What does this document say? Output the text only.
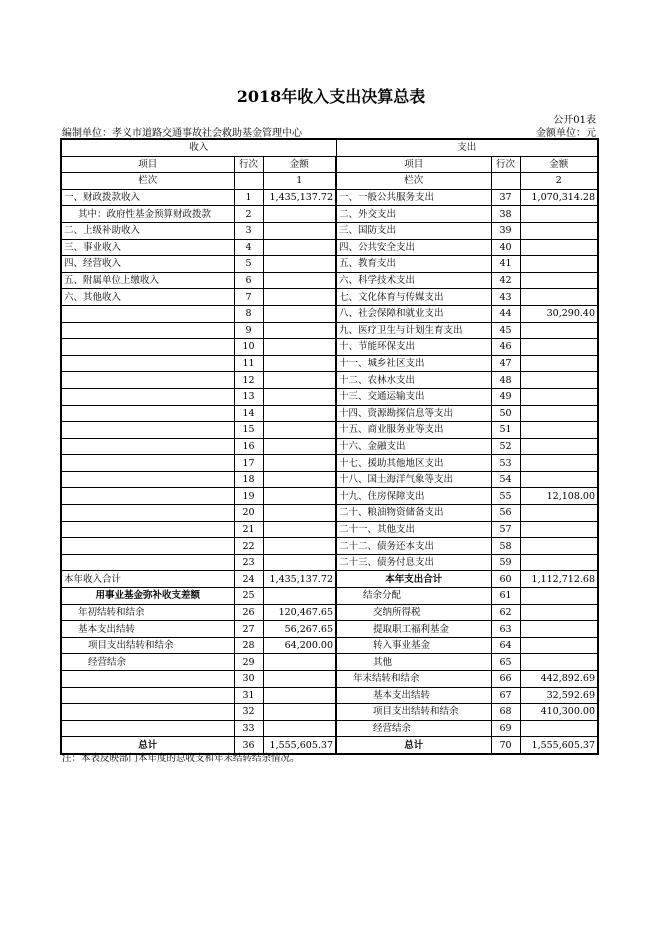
2018年收入支出决算总表
公开01表
编制单位：孝义市道路交通事故社会救助基金管理中心	金额单位：元
收入			支出		
项目	行次	金额	项目	行次	金额
栏次		1	栏次		2
一、财政拨款收入	1	1,435,137.72	一、一般公共服务支出	37	1,070,314.28
其中：政府性基金预算财政拨款	2		二、外交支出	38	
二、上级补助收入	3		三、国防支出	39	
三、事业收入	4		四、公共安全支出	40	
四、经营收入	5		五、教育支出	41	
五、附属单位上缴收入	6		六、科学技术支出	42	
六、其他收入	7		七、文化体育与传媒支出	43	
	8		八、社会保障和就业支出	44	30,290.40
	9		九、医疗卫生与计划生育支出	45	
	10		十、节能环保支出	46	
	11		十一、城乡社区支出	47	
	12		十二、农林水支出	48	
	13		十三、交通运输支出	49	
	14		十四、资源勘探信息等支出	50	
	15		十五、商业服务业等支出	51	
	16		十六、金融支出	52	
	17		十七、援助其他地区支出	53	
	18		十八、国土海洋气象等支出	54	
	19		十九、住房保障支出	55	12,108.00
	20		二十、粮油物资储备支出	56	
	21		二十一、其他支出	57	
	22		二十二、债务还本支出	58	
	23		二十三、债务付息支出	59	
本年收入合计	24	1,435,137.72	本年支出合计	60	1,112,712.68
用事业基金弥补收支差额	25		结余分配	61	
年初结转和结余	26	120,467.65	交纳所得税	62	
基本支出结转	27	56,267.65	提取职工福利基金	63	
项目支出结转和结余	28	64,200.00	转入事业基金	64	
经营结余	29		其他	65	
	30		年末结转和结余	66	442,892.69
	31		基本支出结转	67	32,592.69
	32		项目支出结转和结余	68	410,300.00
	33		经营结余	69	
总计	36	1,555,605.37	总计	70	1,555,605.37
注：本表反映部门本年度的总收支和年末结转结余情况。
